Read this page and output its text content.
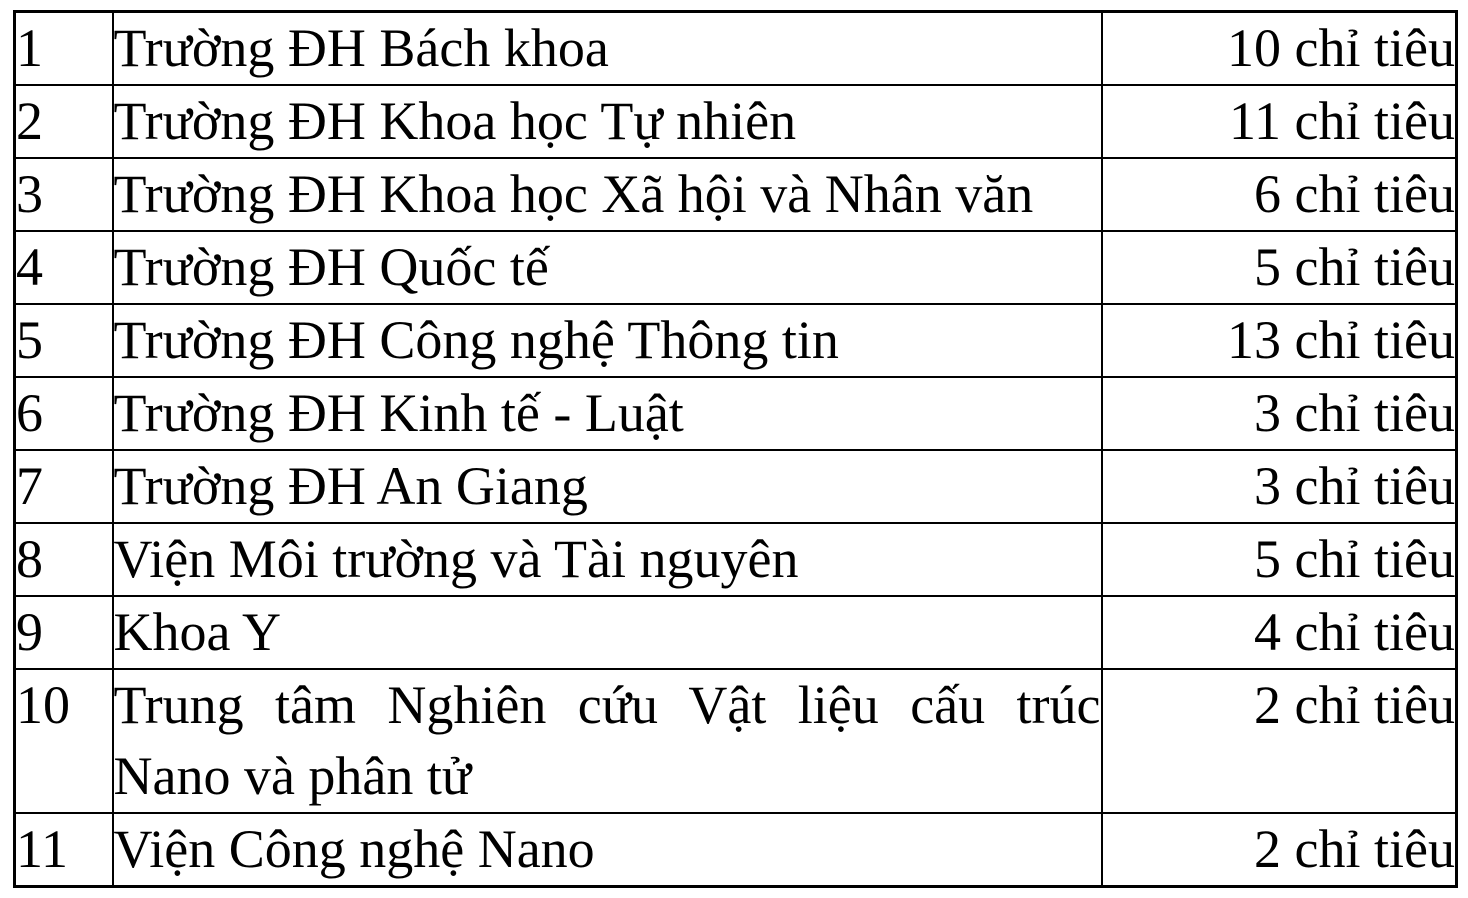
1	Trường ĐH Bách khoa	10 chỉ tiêu
2	Trường ĐH Khoa học Tự nhiên	11 chỉ tiêu
3	Trường ĐH Khoa học Xã hội và Nhân văn	6 chỉ tiêu
4	Trường ĐH Quốc tế	5 chỉ tiêu
5	Trường ĐH Công nghệ Thông tin	13 chỉ tiêu
6	Trường ĐH Kinh tế - Luật	3 chỉ tiêu
7	Trường ĐH An Giang	3 chỉ tiêu
8	Viện Môi trường và Tài nguyên	5 chỉ tiêu
9	Khoa Y	4 chỉ tiêu
10	Trung tâm Nghiên cứu Vật liệu cấu trúc Nano và phân tử	2 chỉ tiêu
11	Viện Công nghệ Nano	2 chỉ tiêu
